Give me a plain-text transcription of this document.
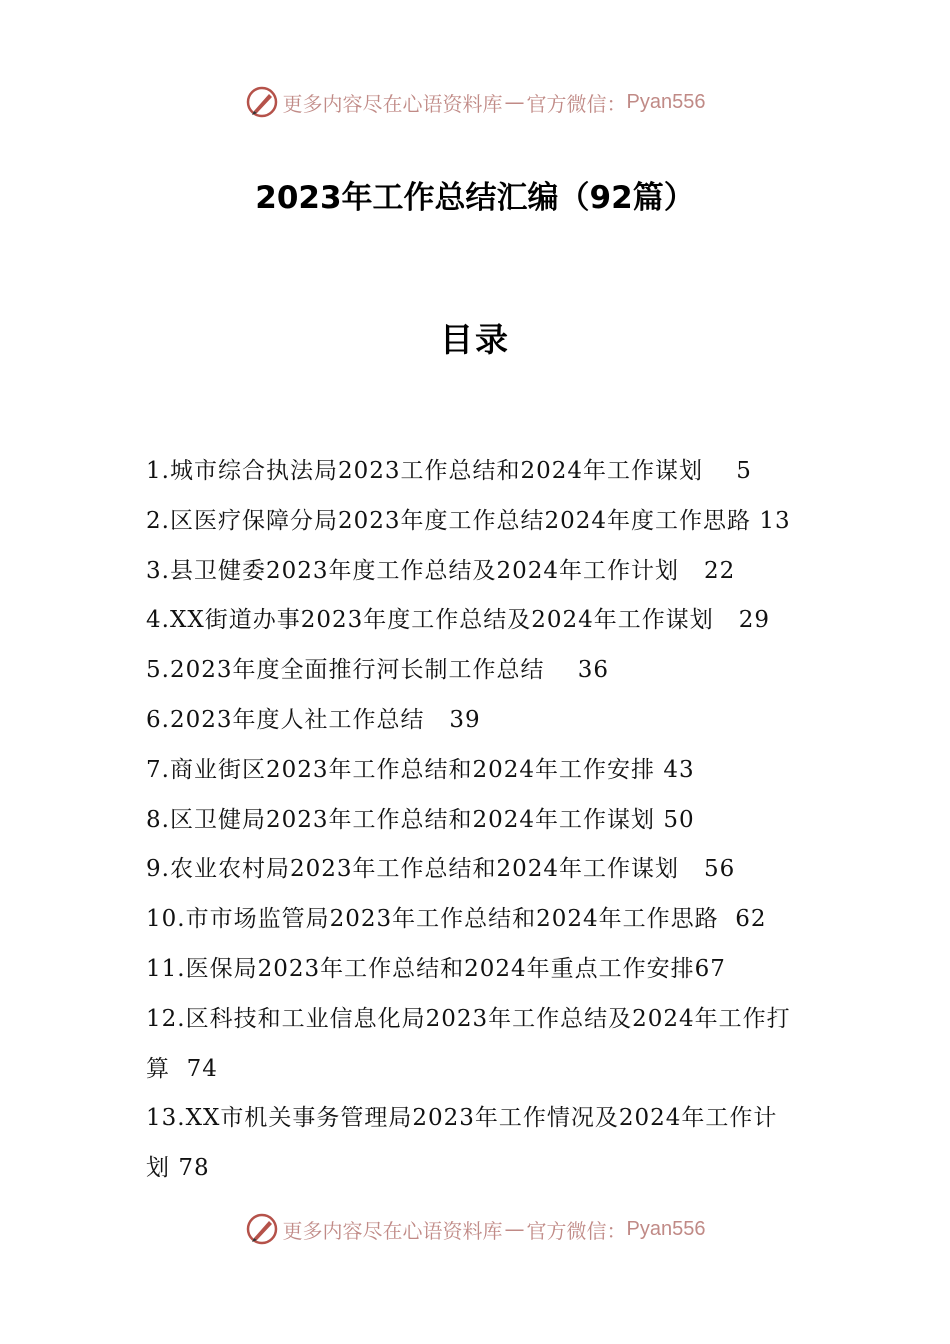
更多内容尽在心语资料库 — 官方微信： Pyan556
2023年工作总结汇编（92篇）
目录
1.城市综合执法局2023工作总结和2024年工作谋划 5
2.区医疗保障分局2023年度工作总结2024年度工作思路 13
3.县卫健委2023年度工作总结及2024年工作计划 22
4.XX街道办事2023年度工作总结及2024年工作谋划 29
5.2023年度全面推行河长制工作总结 36
6.2023年度人社工作总结 39
7.商业街区2023年工作总结和2024年工作安排 43
8.区卫健局2023年工作总结和2024年工作谋划 50
9.农业农村局2023年工作总结和2024年工作谋划 56
10.市市场监管局2023年工作总结和2024年工作思路 62
11.医保局2023年工作总结和2024年重点工作安排67
12.区科技和工业信息化局2023年工作总结及2024年工作打算 74
13.XX市机关事务管理局2023年工作情况及2024年工作计划 78
更多内容尽在心语资料库 — 官方微信： Pyan556
